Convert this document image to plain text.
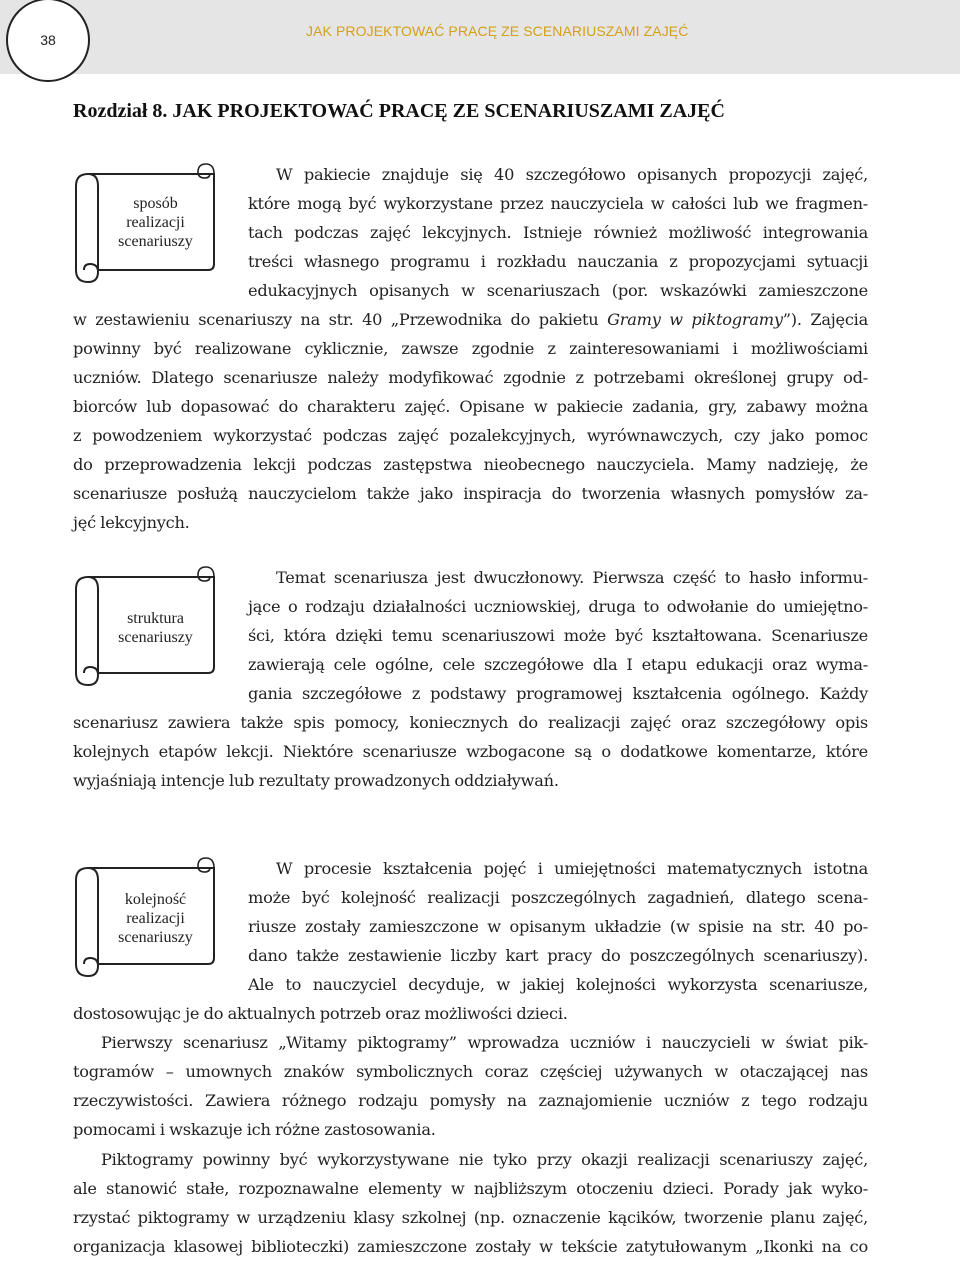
38
JAK PROJEKTOWAĆ PRACĘ ZE SCENARIUSZAMI ZAJĘĆ
Rozdział 8. JAK PROJEKTOWAĆ PRACĘ ZE SCENARIUSZAMI ZAJĘĆ
sposób
realizacji
scenariuszy
W pakiecie znajduje się 40 szczegółowo opisanych propozycji zajęć,
które mogą być wykorzystane przez nauczyciela w całości lub we fragmen-
tach podczas zajęć lekcyjnych. Istnieje również możliwość integrowania
treści własnego programu i rozkładu nauczania z propozycjami sytuacji
edukacyjnych opisanych w scenariuszach (por. wskazówki zamieszczone
w zestawieniu scenariuszy na str. 40 „Przewodnika do pakietu Gramy w piktogramy”). Zajęcia
powinny być realizowane cyklicznie, zawsze zgodnie z zainteresowaniami i możliwościami
uczniów. Dlatego scenariusze należy modyfikować zgodnie z potrzebami określonej grupy od-
biorców lub dopasować do charakteru zajęć. Opisane w pakiecie zadania, gry, zabawy można
z powodzeniem wykorzystać podczas zajęć pozalekcyjnych, wyrównawczych, czy jako pomoc
do przeprowadzenia lekcji podczas zastępstwa nieobecnego nauczyciela. Mamy nadzieję, że
scenariusze posłużą nauczycielom także jako inspiracja do tworzenia własnych pomysłów za-
jęć lekcyjnych.
struktura
scenariuszy
Temat scenariusza jest dwuczłonowy. Pierwsza część to hasło informu-
jące o rodzaju działalności uczniowskiej, druga to odwołanie do umiejętno-
ści, która dzięki temu scenariuszowi może być kształtowana. Scenariusze
zawierają cele ogólne, cele szczegółowe dla I etapu edukacji oraz wyma-
gania szczegółowe z podstawy programowej kształcenia ogólnego. Każdy
scenariusz zawiera także spis pomocy, koniecznych do realizacji zajęć oraz szczegółowy opis
kolejnych etapów lekcji. Niektóre scenariusze wzbogacone są o dodatkowe komentarze, które
wyjaśniają intencje lub rezultaty prowadzonych oddziaływań.
kolejność
realizacji
scenariuszy
W procesie kształcenia pojęć i umiejętności matematycznych istotna
może być kolejność realizacji poszczególnych zagadnień, dlatego scena-
riusze zostały zamieszczone w opisanym układzie (w spisie na str. 40 po-
dano także zestawienie liczby kart pracy do poszczególnych scenariuszy).
Ale to nauczyciel decyduje, w jakiej kolejności wykorzysta scenariusze,
dostosowując je do aktualnych potrzeb oraz możliwości dzieci.
Pierwszy scenariusz „Witamy piktogramy” wprowadza uczniów i nauczycieli w świat pik-
togramów – umownych znaków symbolicznych coraz częściej używanych w otaczającej nas
rzeczywistości. Zawiera różnego rodzaju pomysły na zaznajomienie uczniów z tego rodzaju
pomocami i wskazuje ich różne zastosowania.
Piktogramy powinny być wykorzystywane nie tyko przy okazji realizacji scenariuszy zajęć,
ale stanowić stałe, rozpoznawalne elementy w najbliższym otoczeniu dzieci. Porady jak wyko-
rzystać piktogramy w urządzeniu klasy szkolnej (np. oznaczenie kącików, tworzenie planu zajęć,
organizacja klasowej biblioteczki) zamieszczone zostały w tekście zatytułowanym „Ikonki na co
